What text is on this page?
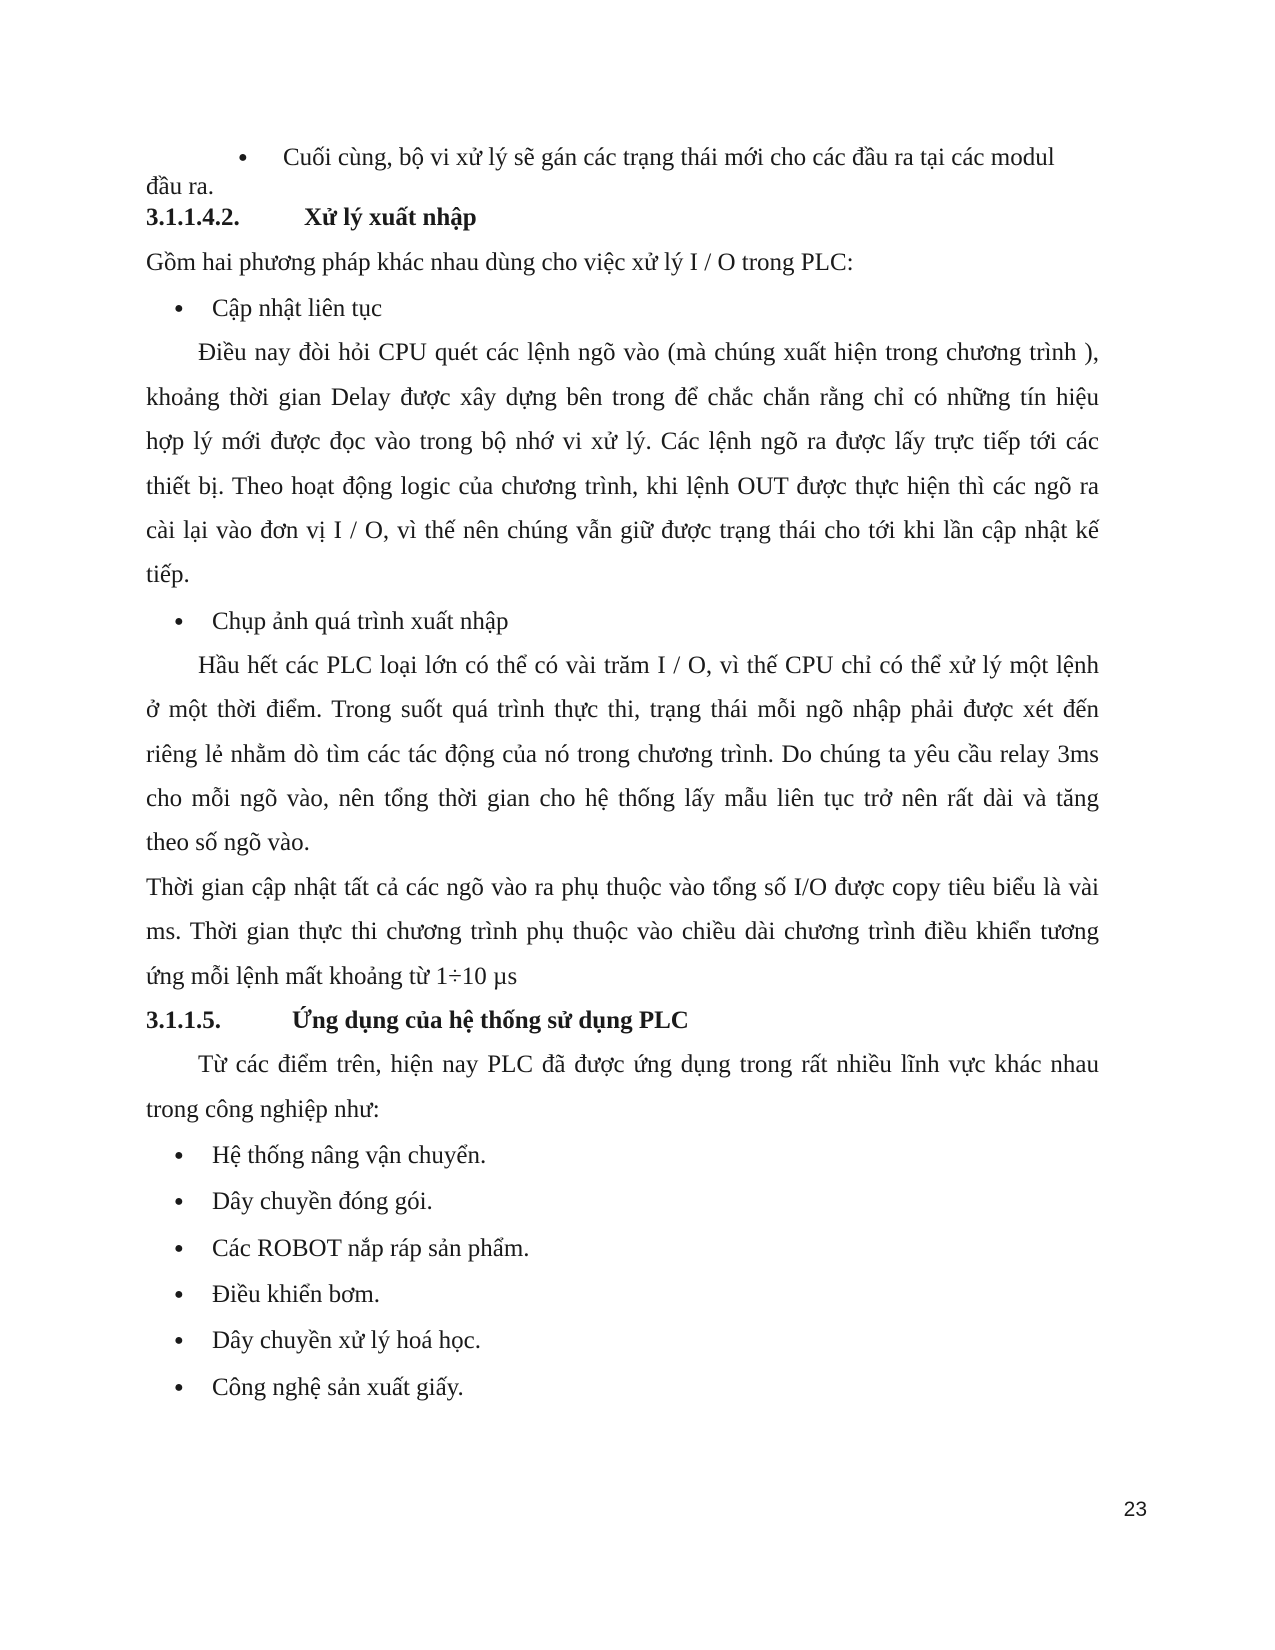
●
Cuối cùng, bộ vi xử lý sẽ gán các trạng thái mới cho các đầu ra tại các modul
đầu ra.
3.1.1.4.2.	Xử lý xuất nhập
Gồm hai phương pháp khác nhau dùng cho việc xử lý I / O trong PLC:
●
Cập nhật liên tục
Điều nay đòi hỏi CPU quét các lệnh ngõ vào (mà chúng xuất hiện trong chương trình ),
khoảng thời gian Delay được xây dựng bên trong để chắc chắn rằng chỉ có những tín hiệu
hợp lý mới được đọc vào trong bộ nhớ vi xử lý. Các lệnh ngõ ra được lấy trực tiếp tới các
thiết bị. Theo hoạt động logic của chương trình, khi lệnh OUT được thực hiện thì các ngõ ra
cài lại vào đơn vị I / O, vì thế nên chúng vẫn giữ được trạng thái cho tới khi lần cập nhật kế
tiếp.
●
Chụp ảnh quá trình xuất nhập
Hầu hết các PLC loại lớn có thể có vài trăm I / O, vì thế CPU chỉ có thể xử lý một lệnh
ở một thời điểm. Trong suốt quá trình thực thi, trạng thái mỗi ngõ nhập phải được xét đến
riêng lẻ nhằm dò tìm các tác động của nó trong chương trình. Do chúng ta yêu cầu relay 3ms
cho mỗi ngõ vào, nên tổng thời gian cho hệ thống lấy mẫu liên tục trở nên rất dài và tăng
theo số ngõ vào.
Thời gian cập nhật tất cả các ngõ vào ra phụ thuộc vào tổng số I/O được copy tiêu biểu là vài
ms. Thời gian thực thi chương trình phụ thuộc vào chiều dài chương trình điều khiển tương
ứng mỗi lệnh mất khoảng từ 1÷10 µs
3.1.1.5.	Ứng dụng của hệ thống sử dụng PLC
Từ các điểm trên, hiện nay PLC đã được ứng dụng trong rất nhiều lĩnh vực khác nhau
trong công nghiệp như:
●
Hệ thống nâng vận chuyển.
●
Dây chuyền đóng gói.
●
Các ROBOT nắp ráp sản phẩm.
●
Điều khiển bơm.
●
Dây chuyền xử lý hoá học.
●
Công nghệ sản xuất giấy.
23
